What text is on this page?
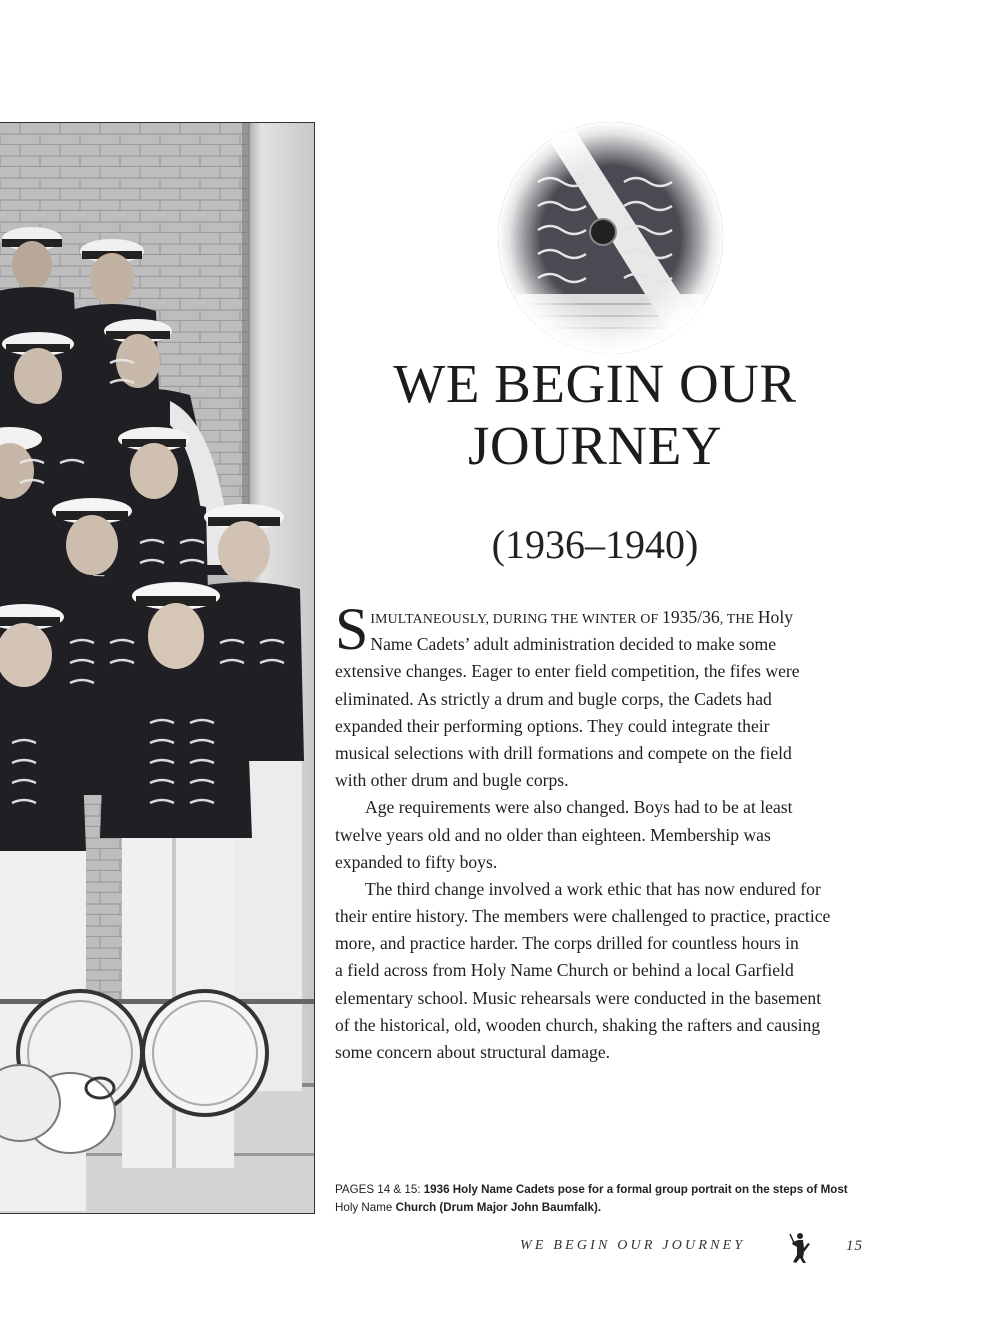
WE BEGIN OUR
JOURNEY
(1936–1940)
S IMULTANEOUSLY, DURING THE WINTER OF 1935/36, THE Holy
Name Cadets’ adult administration decided to make some
extensive changes. Eager to enter field competition, the fifes were
eliminated. As strictly a drum and bugle corps, the Cadets had
expanded their performing options. They could integrate their
musical selections with drill formations and compete on the field
with other drum and bugle corps.
Age requirements were also changed. Boys had to be at least
twelve years old and no older than eighteen. Membership was
expanded to fifty boys.
The third change involved a work ethic that has now endured for
their entire history. The members were challenged to practice, practice
more, and practice harder. The corps drilled for countless hours in
a field across from Holy Name Church or behind a local Garfield
elementary school. Music rehearsals were conducted in the basement
of the historical, old, wooden church, shaking the rafters and causing
some concern about structural damage.
PAGES 14 & 15: 1936 Holy Name Cadets pose for a formal group portrait on the steps of Most
Holy Name Church (Drum Major John Baumfalk).
WE BEGIN OUR JOURNEY	15
